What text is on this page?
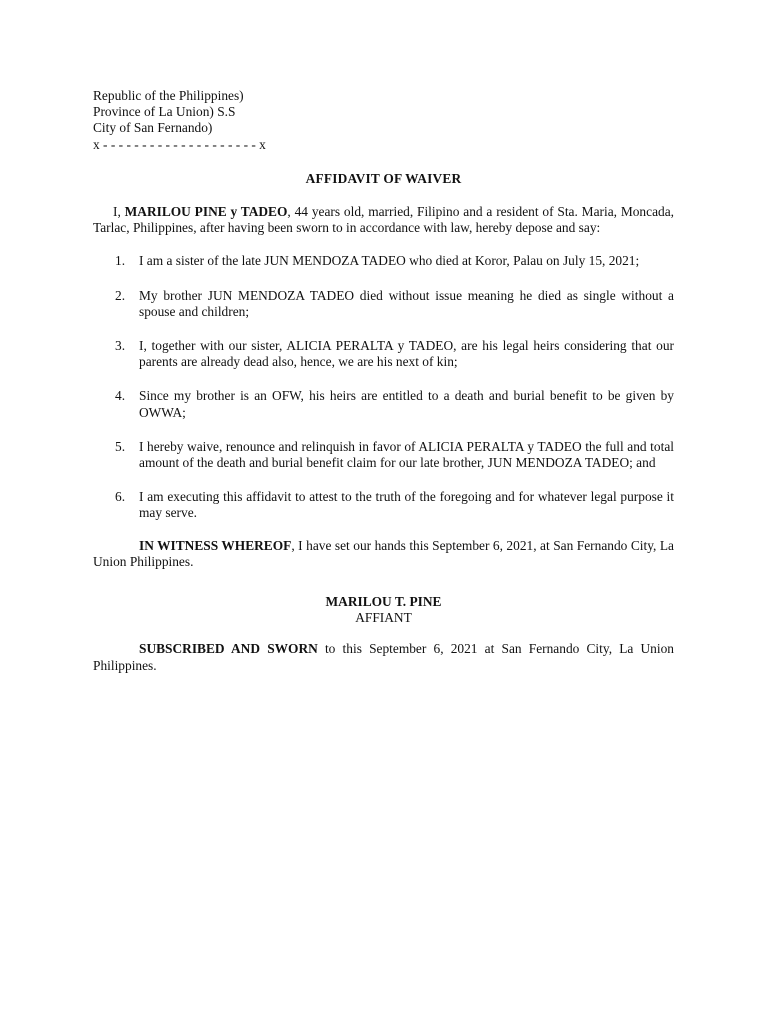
Republic of the Philippines)
Province of La Union) S.S
City of San Fernando)
x - - - - - - - - - - - - - - - - - - - - x
AFFIDAVIT OF WAIVER

I, MARILOU PINE y TADEO, 44 years old, married, Filipino and a resident of Sta. Maria, Moncada, Tarlac, Philippines, after having been sworn to in accordance with law, hereby depose and say:

1. I am a sister of the late JUN MENDOZA TADEO who died at Koror, Palau on July 15, 2021;
2. My brother JUN MENDOZA TADEO died without issue meaning he died as single without a spouse and children;
3. I, together with our sister, ALICIA PERALTA y TADEO, are his legal heirs considering that our parents are already dead also, hence, we are his next of kin;
4. Since my brother is an OFW, his heirs are entitled to a death and burial benefit to be given by OWWA;
5. I hereby waive, renounce and relinquish in favor of ALICIA PERALTA y TADEO the full and total amount of the death and burial benefit claim for our late brother, JUN MENDOZA TADEO; and
6. I am executing this affidavit to attest to the truth of the foregoing and for whatever legal purpose it may serve.

IN WITNESS WHEREOF, I have set our hands this September 6, 2021, at San Fernando City, La Union Philippines.

MARILOU T. PINE
AFFIANT

SUBSCRIBED AND SWORN to this September 6, 2021 at San Fernando City, La Union Philippines.
